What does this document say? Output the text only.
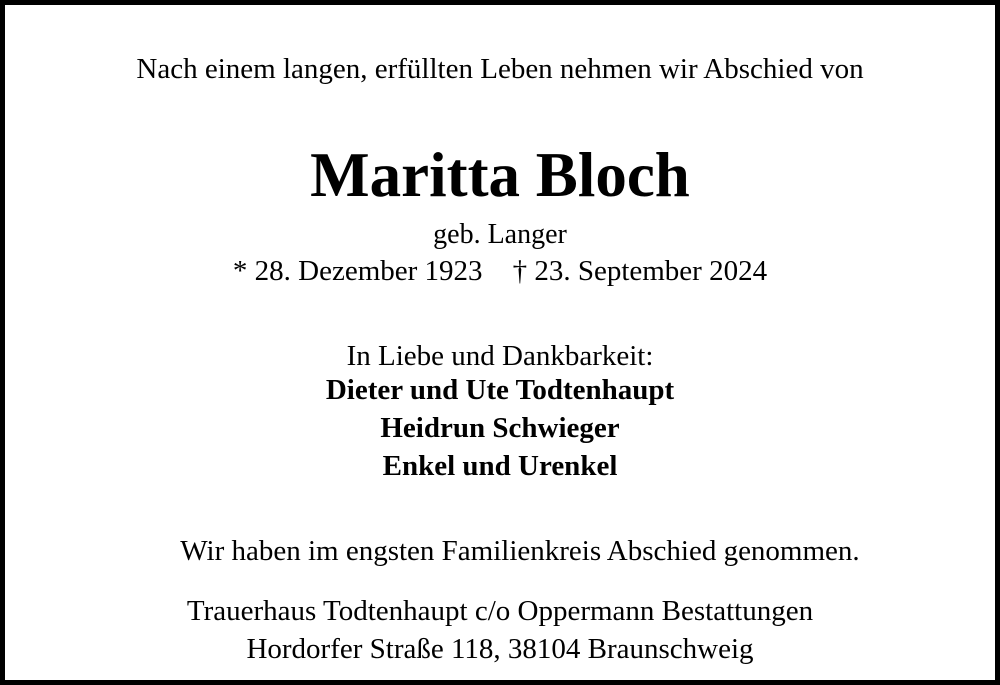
Nach einem langen, erfüllten Leben nehmen wir Abschied von
Maritta Bloch
geb. Langer
* 28. Dezember 1923 † 23. September 2024
In Liebe und Dankbarkeit:
Dieter und Ute Todtenhaupt
Heidrun Schwieger
Enkel und Urenkel
Wir haben im engsten Familienkreis Abschied genommen.
Trauerhaus Todtenhaupt c/o Oppermann Bestattungen
Hordorfer Straße 118, 38104 Braunschweig
